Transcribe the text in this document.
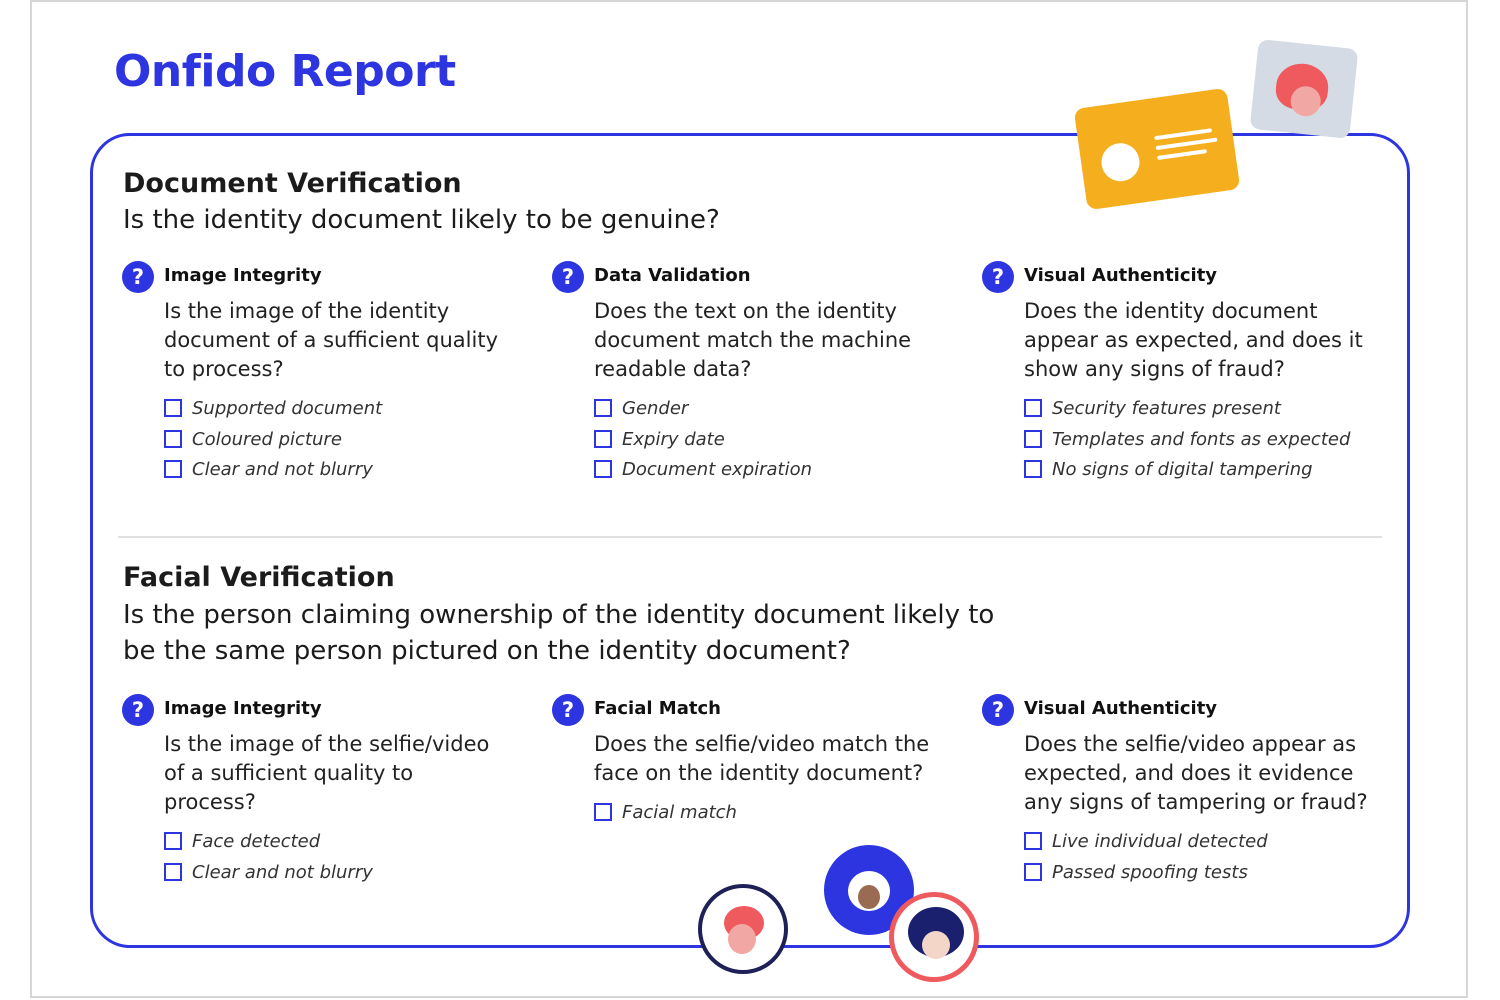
Onfido Report
Document Verification
Is the identity document likely to be genuine?
?	Image Integrity
Is the image of the identity document of a sufficient quality to process?
Supported document
Coloured picture
Clear and not blurry
?	Data Validation
Does the text on the identity document match the machine readable data?
Gender
Expiry date
Document expiration
?	Visual Authenticity
Does the identity document appear as expected, and does it show any signs of fraud?
Security features present
Templates and fonts as expected
No signs of digital tampering
Facial Verification
Is the person claiming ownership of the identity document likely to
be the same person pictured on the identity document?
?	Image Integrity
Is the image of the selfie/video of a sufficient quality to process?
Face detected
Clear and not blurry
?	Facial Match
Does the selfie/video match the face on the identity document?
Facial match
?	Visual Authenticity
Does the selfie/video appear as expected, and does it evidence any signs of tampering or fraud?
Live individual detected
Passed spoofing tests
